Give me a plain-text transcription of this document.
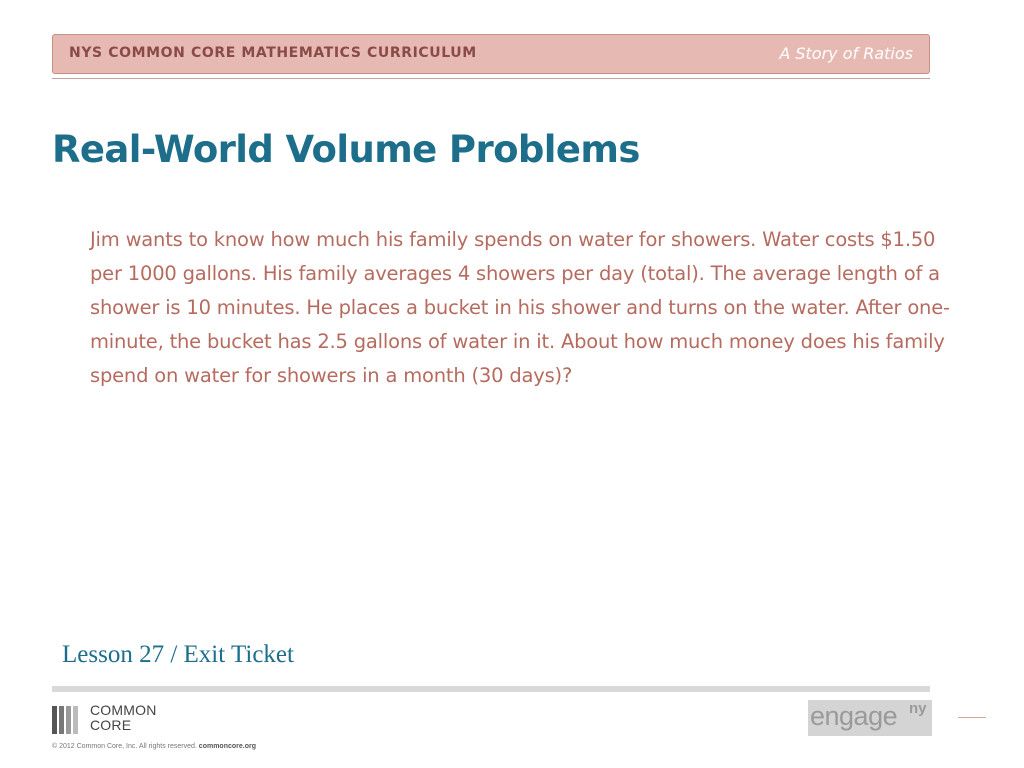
NYS COMMON CORE MATHEMATICS CURRICULUM	A Story of Ratios
Real-World Volume Problems

Jim wants to know how much his family spends on water for showers. Water costs $1.50 per 1000 gallons. His family averages 4 showers per day (total). The average length of a shower is 10 minutes. He places a bucket in his shower and turns on the water. After one-minute, the bucket has 2.5 gallons of water in it. About how much money does his family spend on water for showers in a month (30 days)?

Lesson 27 / Exit Ticket
COMMON
CORE
© 2012 Common Core, Inc. All rights reserved. commoncore.org
engage ny
